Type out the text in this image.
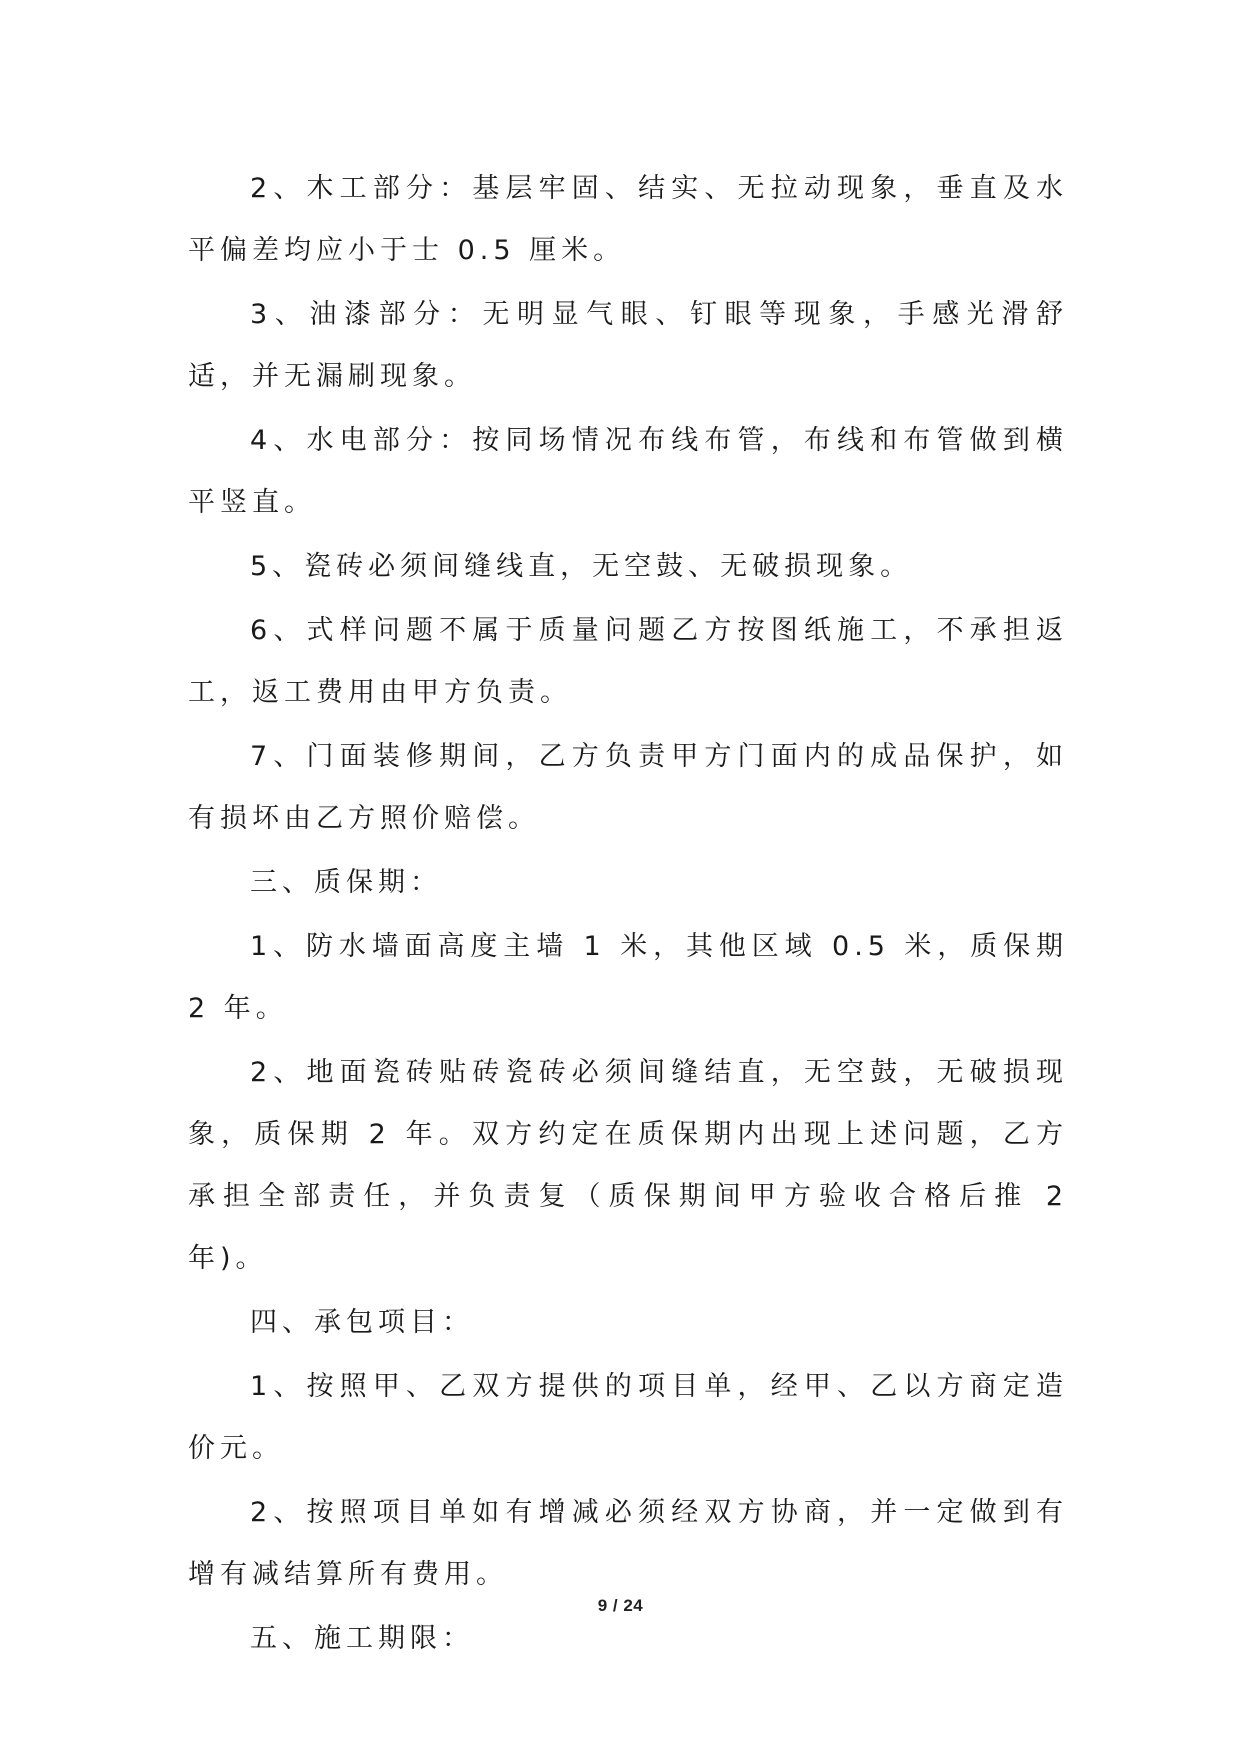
2、木工部分：基层牢固、结实、无拉动现象，垂直及水平偏差均应小于士 0.5 厘米。

3、油漆部分：无明显气眼、钉眼等现象，手感光滑舒适，并无漏刷现象。

4、水电部分：按同场情况布线布管，布线和布管做到横平竖直。

5、瓷砖必须间缝线直，无空鼓、无破损现象。

6、式样问题不属于质量问题乙方按图纸施工，不承担返工，返工费用由甲方负责。

7、门面装修期间，乙方负责甲方门面内的成品保护，如有损坏由乙方照价赔偿。

三、质保期：

1、防水墙面高度主墙 1 米，其他区域 0.5 米，质保期 2 年。

2、地面瓷砖贴砖瓷砖必须间缝结直，无空鼓，无破损现象，质保期 2 年。双方约定在质保期内出现上述问题，乙方承担全部责任，并负责复（质保期间甲方验收合格后推 2 年)。

四、承包项目：

1、按照甲、乙双方提供的项目单，经甲、乙以方商定造价元。

2、按照项目单如有增减必须经双方协商，并一定做到有增有减结算所有费用。

五、施工期限：

9 / 24
